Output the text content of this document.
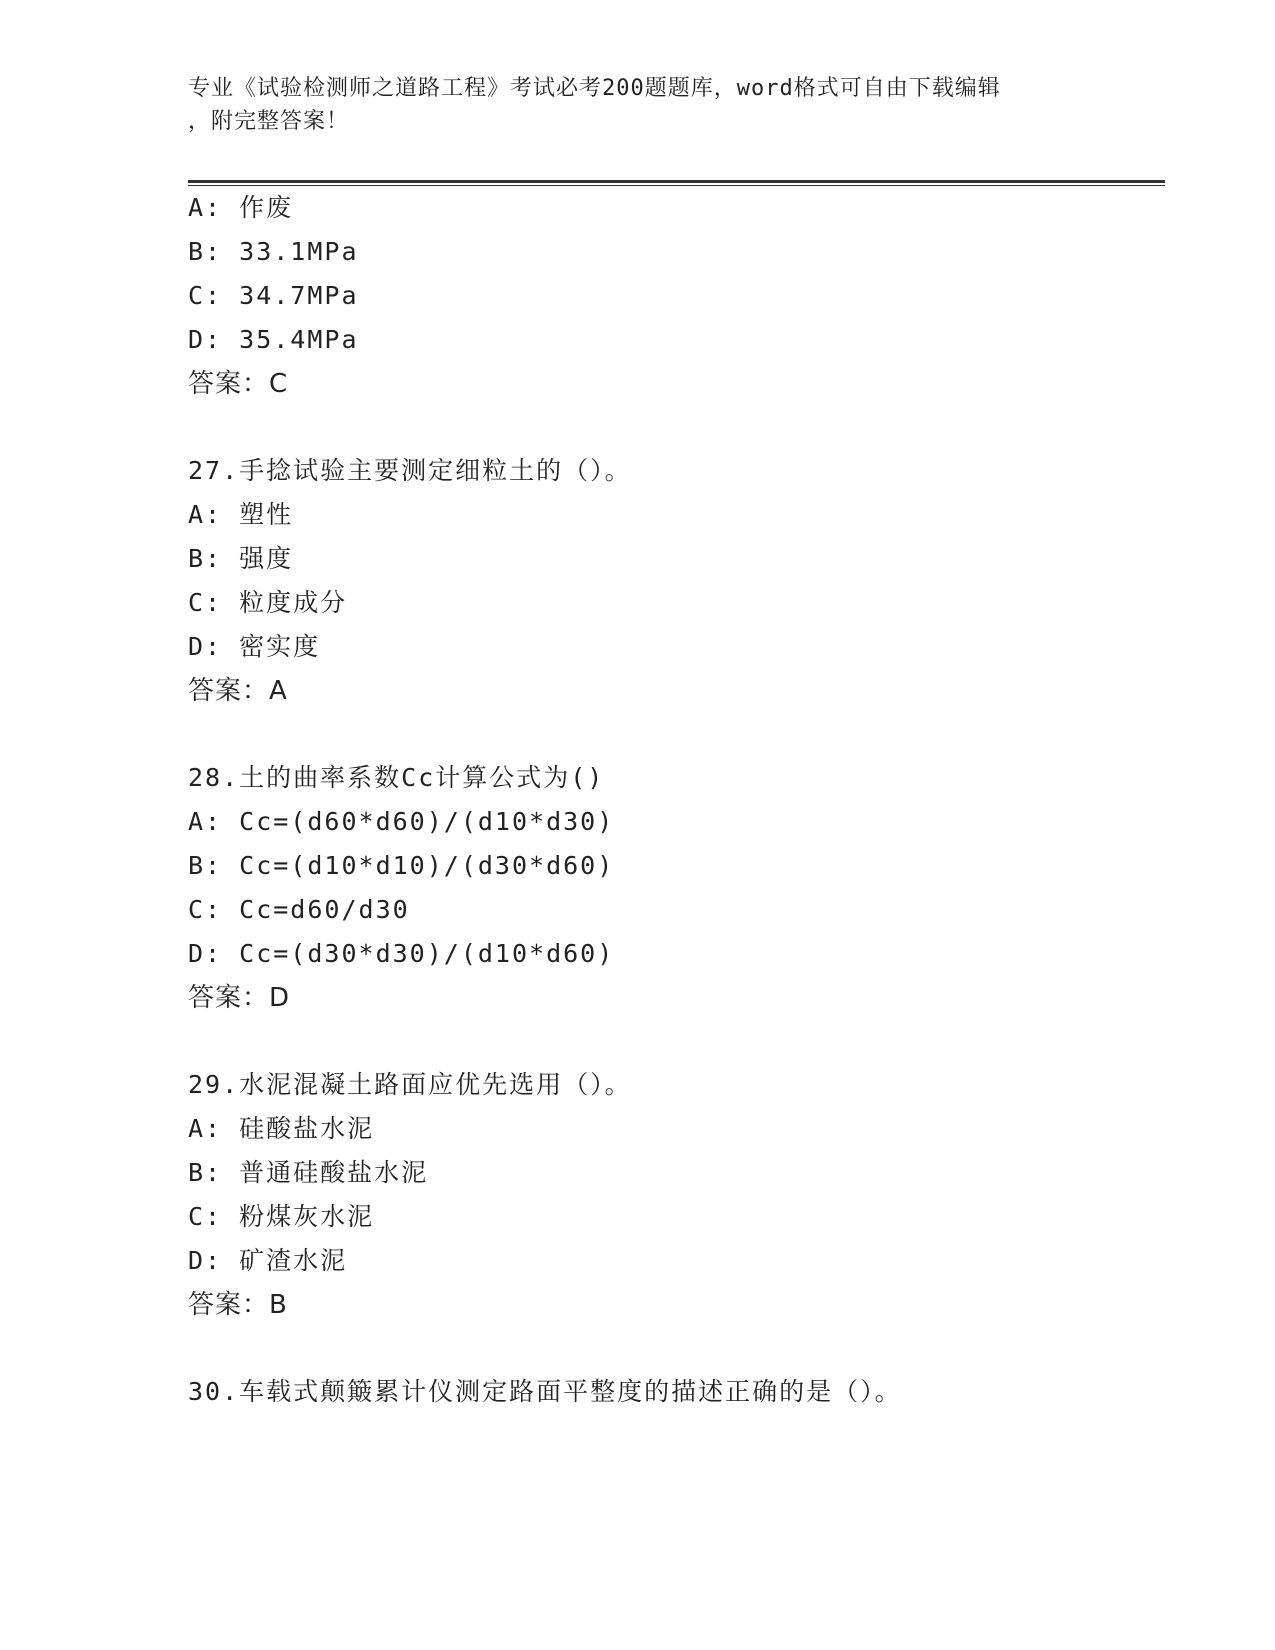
专业《试验检测师之道路工程》考试必考200题题库，word格式可自由下载编辑
，附完整答案！
A: 作废
B: 33.1MPa
C: 34.7MPa
D: 35.4MPa
答案：C
27.手捻试验主要测定细粒土的（）。
A: 塑性
B: 强度
C: 粒度成分
D: 密实度
答案：A
28.土的曲率系数Cc计算公式为()
A: Cc=(d60*d60)/(d10*d30)
B: Cc=(d10*d10)/(d30*d60)
C: Cc=d60/d30
D: Cc=(d30*d30)/(d10*d60)
答案：D
29.水泥混凝土路面应优先选用（）。
A: 硅酸盐水泥
B: 普通硅酸盐水泥
C: 粉煤灰水泥
D: 矿渣水泥
答案：B
30.车载式颠簸累计仪测定路面平整度的描述正确的是（）。
